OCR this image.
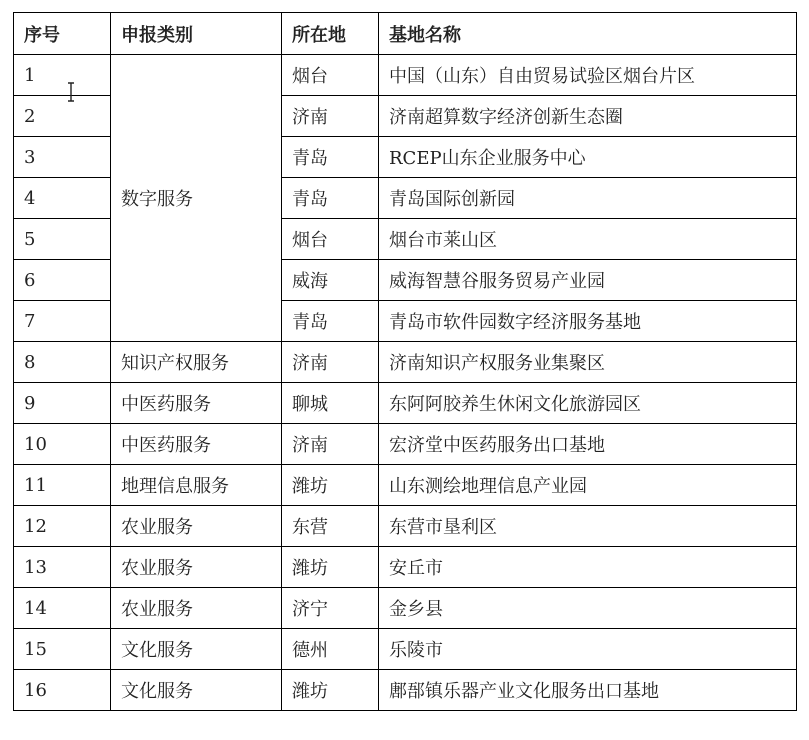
序号	申报类别	所在地	基地名称
1	数字服务	烟台	中国（山东）自由贸易试验区烟台片区
2		济南	济南超算数字经济创新生态圈
3		青岛	RCEP山东企业服务中心
4		青岛	青岛国际创新园
5		烟台	烟台市莱山区
6		威海	威海智慧谷服务贸易产业园
7		青岛	青岛市软件园数字经济服务基地
8	知识产权服务	济南	济南知识产权服务业集聚区
9	中医药服务	聊城	东阿阿胶养生休闲文化旅游园区
10	中医药服务	济南	宏济堂中医药服务出口基地
11	地理信息服务	潍坊	山东测绘地理信息产业园
12	农业服务	东营	东营市垦利区
13	农业服务	潍坊	安丘市
14	农业服务	济宁	金乡县
15	文化服务	德州	乐陵市
16	文化服务	潍坊	鄌郚镇乐器产业文化服务出口基地
